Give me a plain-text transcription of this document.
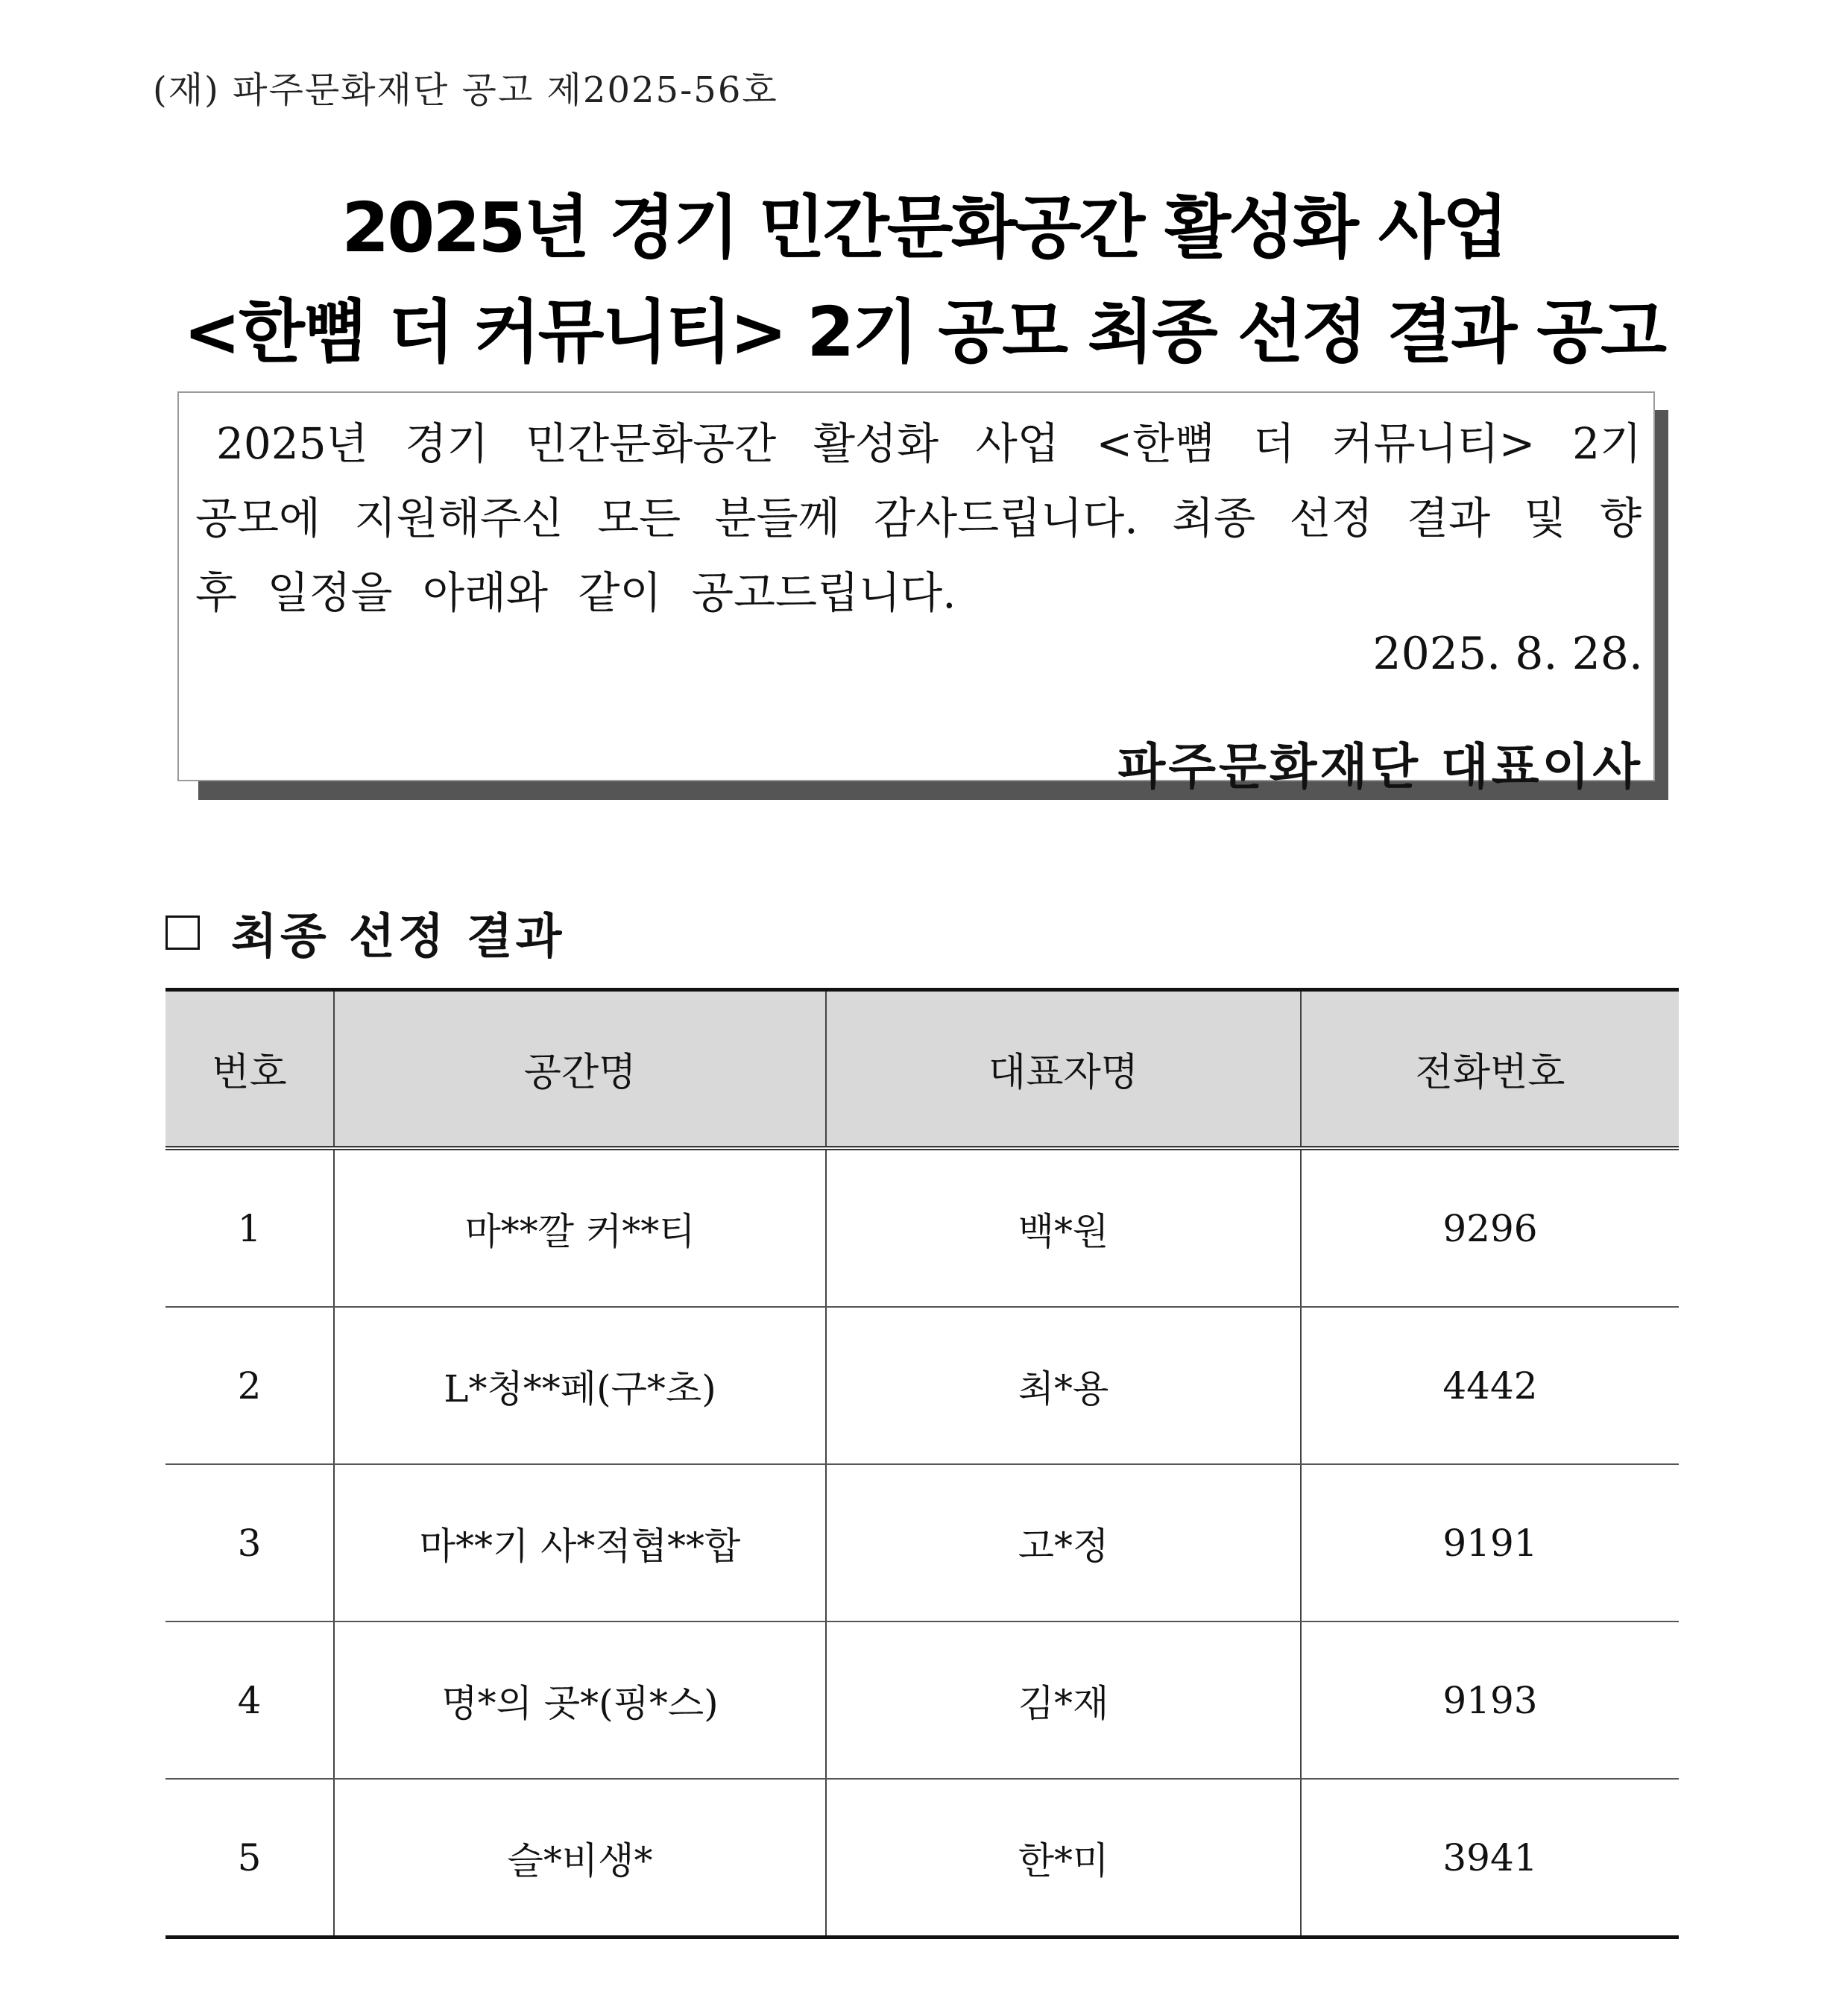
(재) 파주문화재단 공고 제2025-56호
2025년 경기 민간문화공간 활성화 사업
<한뼘 더 커뮤니티> 2기 공모 최종 선정 결과 공고
2025년 경기 민간문화공간 활성화 사업 <한뼘 더 커뮤니티> 2기 공모에 지원해주신 모든 분들께 감사드립니다. 최종 선정 결과 및 향후 일정을 아래와 같이 공고드립니다.
2025. 8. 28.
파주문화재단 대표이사
최종 선정 결과
번호	공간명	대표자명	전화번호
1	마**깔 커**티	백*원	9296
2	L*청**페(구*초)	최*용	4442
3	마**기 사*적협**합	고*정	9191
4	명*의 곳*(핑*스)	김*재	9193
5	슬*비생*	한*미	3941
